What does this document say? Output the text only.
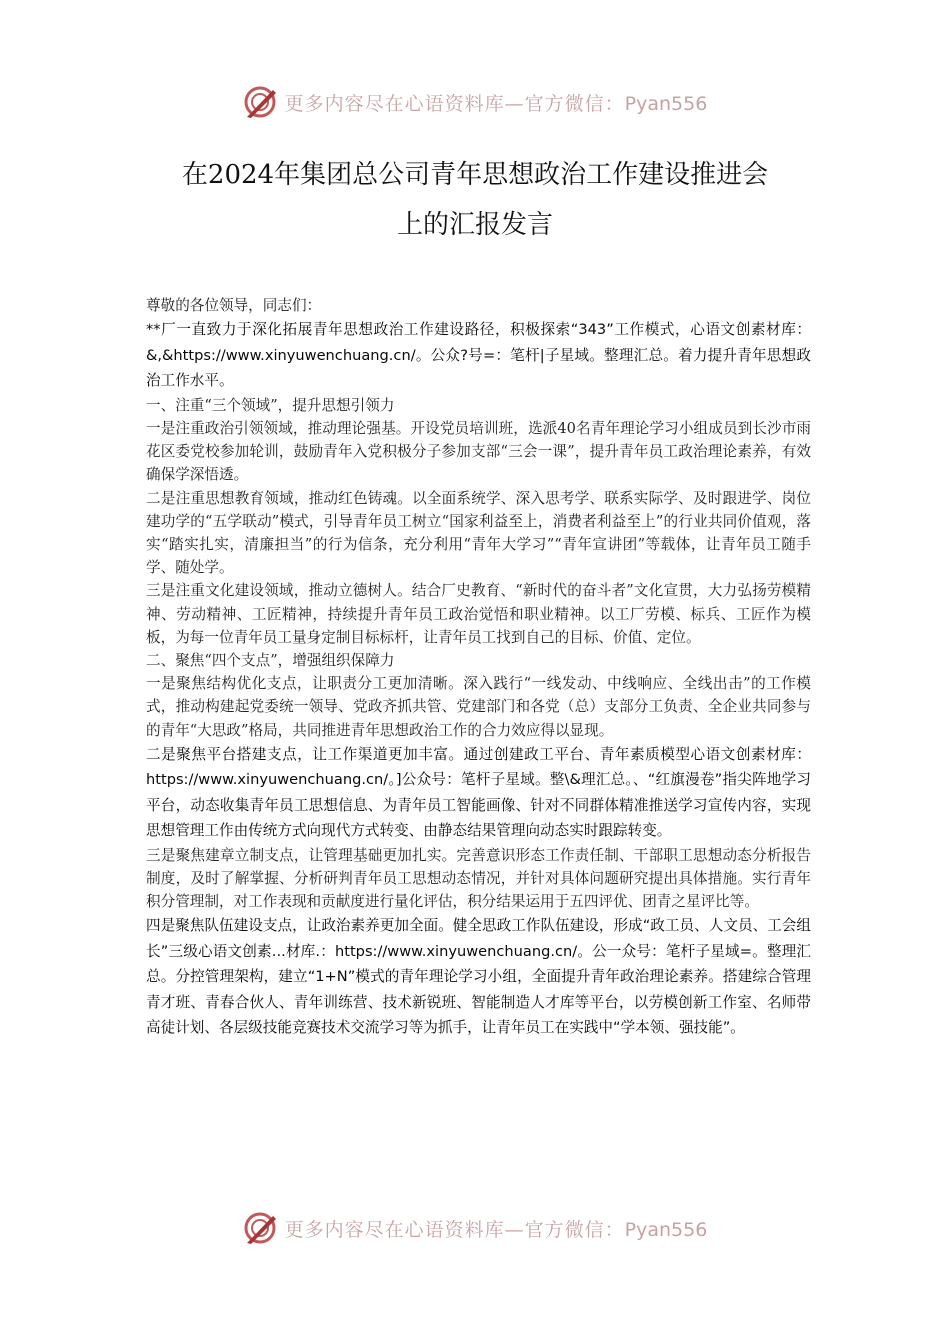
更多内容尽在心语资料库—官方微信：Pyan556
在2024年集团总公司青年思想政治工作建设推进会
上的汇报发言

尊敬的各位领导，同志们：

**厂一直致力于深化拓展青年思想政治工作建设路径，积极探索“343”工作模式，心语文创素材库：&,&https://www.xinyuwenchuang.cn/。公众?号=：笔杆|子星域。整理汇总。着力提升青年思想政治工作水平。

一、注重“三个领域”，提升思想引领力

一是注重政治引领领域，推动理论强基。开设党员培训班，选派40名青年理论学习小组成员到长沙市雨花区委党校参加轮训，鼓励青年入党积极分子参加支部“三会一课”，提升青年员工政治理论素养，有效确保学深悟透。

二是注重思想教育领域，推动红色铸魂。以全面系统学、深入思考学、联系实际学、及时跟进学、岗位建功学的“五学联动”模式，引导青年员工树立“国家利益至上，消费者利益至上”的行业共同价值观，落实“踏实扎实，清廉担当”的行为信条，充分利用“青年大学习”“青年宣讲团”等载体，让青年员工随手学、随处学。

三是注重文化建设领域，推动立德树人。结合厂史教育、“新时代的奋斗者”文化宣贯，大力弘扬劳模精神、劳动精神、工匠精神，持续提升青年员工政治觉悟和职业精神。以工厂劳模、标兵、工匠作为模板，为每一位青年员工量身定制目标标杆，让青年员工找到自己的目标、价值、定位。

二、聚焦“四个支点”，增强组织保障力

一是聚焦结构优化支点，让职责分工更加清晰。深入践行“一线发动、中线响应、全线出击”的工作模式，推动构建起党委统一领导、党政齐抓共管、党建部门和各党（总）支部分工负责、全企业共同参与的青年“大思政”格局，共同推进青年思想政治工作的合力效应得以显现。

二是聚焦平台搭建支点，让工作渠道更加丰富。通过创建政工平台、青年素质模型心语文创素材库：https://www.xinyuwenchuang.cn/。]公众号：笔杆子星域。整\&理汇总。、“红旗漫卷”指尖阵地学习平台，动态收集青年员工思想信息、为青年员工智能画像、针对不同群体精准推送学习宣传内容，实现思想管理工作由传统方式向现代方式转变、由静态结果管理向动态实时跟踪转变。

三是聚焦建章立制支点，让管理基础更加扎实。完善意识形态工作责任制、干部职工思想动态分析报告制度，及时了解掌握、分析研判青年员工思想动态情况，并针对具体问题研究提出具体措施。实行青年积分管理制，对工作表现和贡献度进行量化评估，积分结果运用于五四评优、团青之星评比等。

四是聚焦队伍建设支点，让政治素养更加全面。健全思政工作队伍建设，形成“政工员、人文员、工会组长”三级心语文创素...材库.：https://www.xinyuwenchuang.cn/。公一众号：笔杆子星域=。整理汇总。分控管理架构，建立“1+N”模式的青年理论学习小组，全面提升青年政治理论素养。搭建综合管理青才班、青春合伙人、青年训练营、技术新锐班、智能制造人才库等平台，以劳模创新工作室、名师带高徒计划、各层级技能竞赛技术交流学习等为抓手，让青年员工在实践中“学本领、强技能”。

更多内容尽在心语资料库—官方微信：Pyan556
